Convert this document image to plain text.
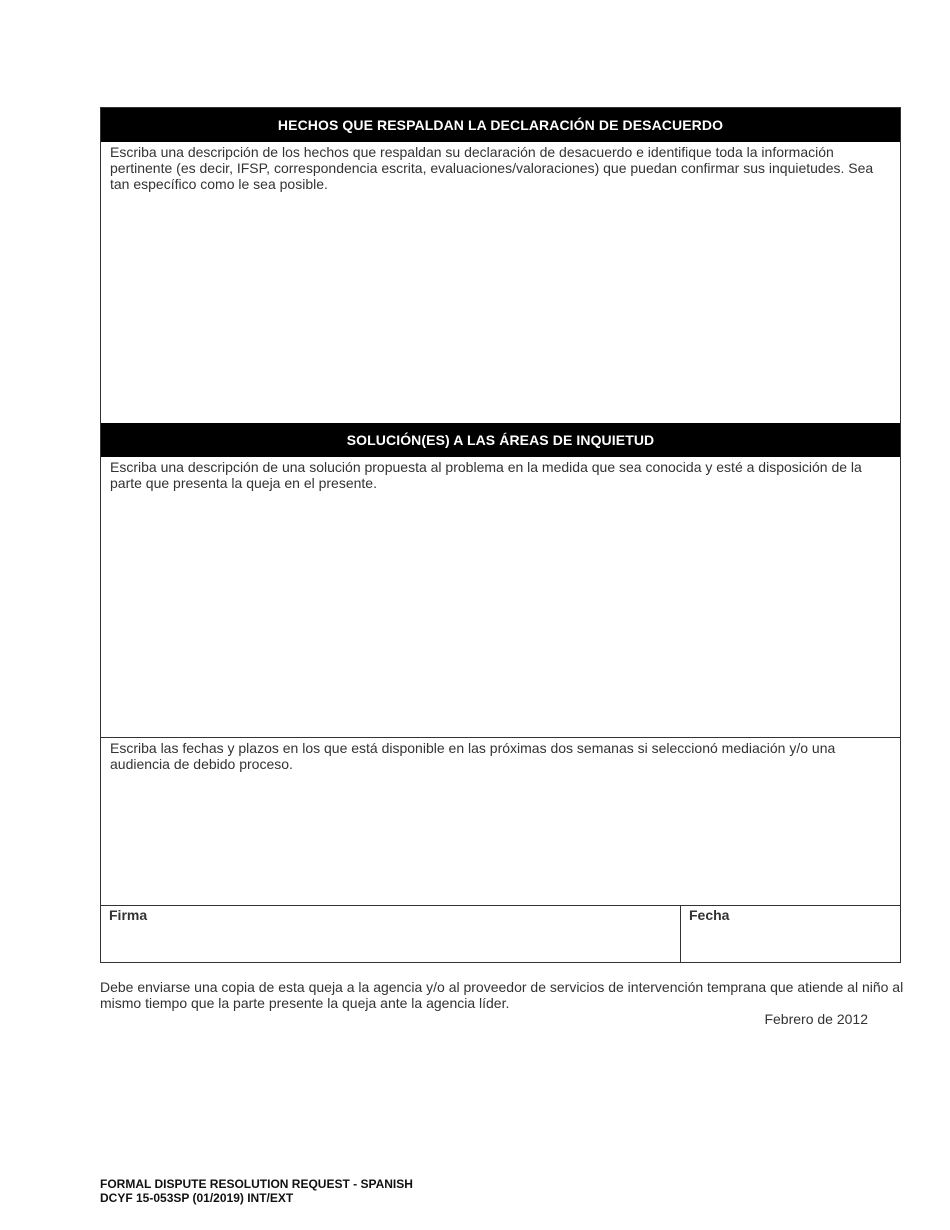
HECHOS QUE RESPALDAN LA DECLARACIÓN DE DESACUERDO
Escriba una descripción de los hechos que respaldan su declaración de desacuerdo e identifique toda la información pertinente (es decir, IFSP, correspondencia escrita, evaluaciones/valoraciones) que puedan confirmar sus inquietudes. Sea tan específico como le sea posible.
SOLUCIÓN(ES) A LAS ÁREAS DE INQUIETUD
Escriba una descripción de una solución propuesta al problema en la medida que sea conocida y esté a disposición de la parte que presenta la queja en el presente.
Escriba las fechas y plazos en los que está disponible en las próximas dos semanas si seleccionó mediación y/o una audiencia de debido proceso.
Firma	Fecha
Debe enviarse una copia de esta queja a la agencia y/o al proveedor de servicios de intervención temprana que atiende al niño al mismo tiempo que la parte presente la queja ante la agencia líder.
Febrero de 2012
FORMAL DISPUTE RESOLUTION REQUEST - SPANISH
DCYF 15-053SP (01/2019) INT/EXT
